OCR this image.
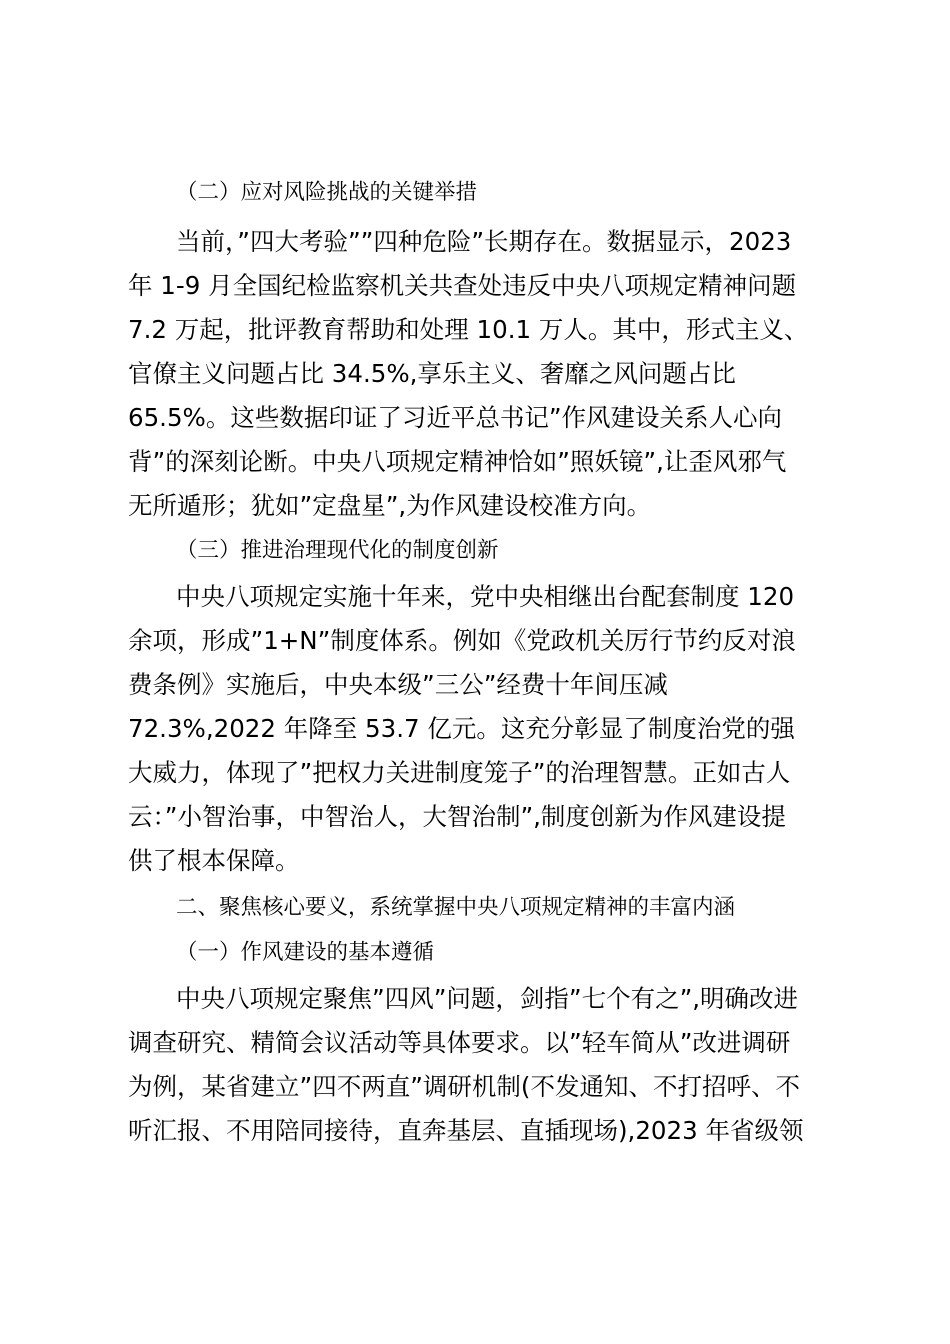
（二）应对风险挑战的关键举措
当前，”四大考验””四种危险”长期存在。数据显示，2023
年 1-9 月全国纪检监察机关共查处违反中央八项规定精神问题
7.2 万起，批评教育帮助和处理 10.1 万人。其中，形式主义、
官僚主义问题占比 34.5%,享乐主义、奢靡之风问题占比
65.5%。这些数据印证了习近平总书记”作风建设关系人心向
背”的深刻论断。中央八项规定精神恰如”照妖镜”,让歪风邪气
无所遁形；犹如”定盘星”,为作风建设校准方向。
（三）推进治理现代化的制度创新
中央八项规定实施十年来，党中央相继出台配套制度 120
余项，形成”1+N”制度体系。例如《党政机关厉行节约反对浪
费条例》实施后，中央本级”三公”经费十年间压减
72.3%,2022 年降至 53.7 亿元。这充分彰显了制度治党的强
大威力，体现了”把权力关进制度笼子”的治理智慧。正如古人
云：”小智治事，中智治人，大智治制”,制度创新为作风建设提
供了根本保障。
二、聚焦核心要义，系统掌握中央八项规定精神的丰富内涵
（一）作风建设的基本遵循
中央八项规定聚焦”四风”问题，剑指”七个有之”,明确改进
调查研究、精简会议活动等具体要求。以”轻车简从”改进调研
为例，某省建立”四不两直”调研机制(不发通知、不打招呼、不
听汇报、不用陪同接待，直奔基层、直插现场),2023 年省级领
